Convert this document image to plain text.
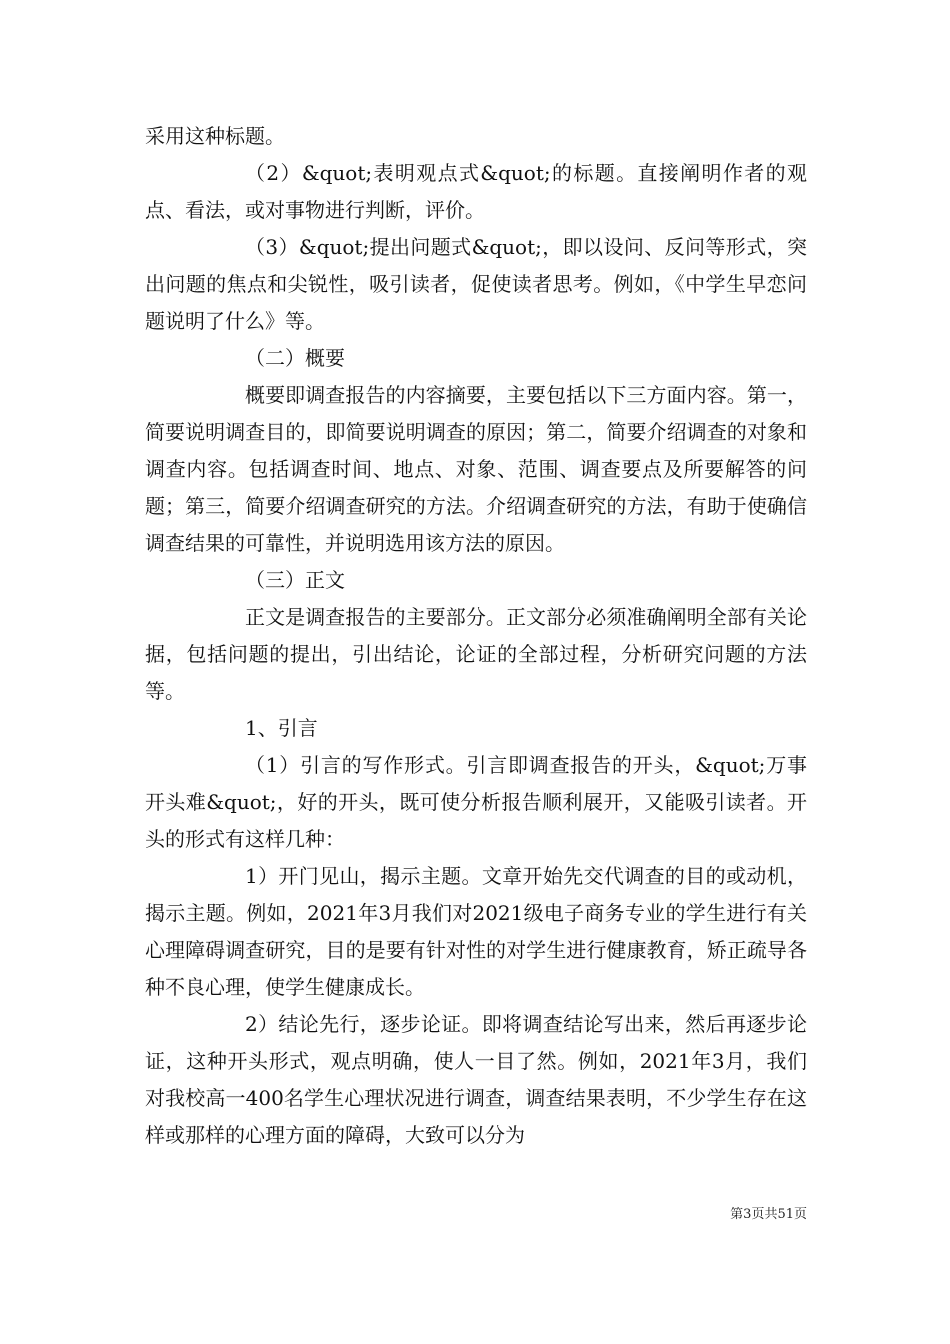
采用这种标题。

（2）&quot;表明观点式&quot;的标题。直接阐明作者的观点、看法，或对事物进行判断，评价。

（3）&quot;提出问题式&quot;，即以设问、反问等形式，突出问题的焦点和尖锐性，吸引读者，促使读者思考。例如，《中学生早恋问题说明了什么》等。

（二）概要

概要即调查报告的内容摘要，主要包括以下三方面内容。第一，简要说明调查目的，即简要说明调查的原因；第二，简要介绍调查的对象和调查内容。包括调查时间、地点、对象、范围、调查要点及所要解答的问题；第三，简要介绍调查研究的方法。介绍调查研究的方法，有助于使确信调查结果的可靠性，并说明选用该方法的原因。

（三）正文

正文是调查报告的主要部分。正文部分必须准确阐明全部有关论据，包括问题的提出，引出结论，论证的全部过程，分析研究问题的方法等。

1、引言

（1）引言的写作形式。引言即调查报告的开头，&quot;万事开头难&quot;，好的开头，既可使分析报告顺利展开，又能吸引读者。开头的形式有这样几种：

1）开门见山，揭示主题。文章开始先交代调查的目的或动机，揭示主题。例如，2021年3月我们对2021级电子商务专业的学生进行有关心理障碍调查研究，目的是要有针对性的对学生进行健康教育，矫正疏导各种不良心理，使学生健康成长。

2）结论先行，逐步论证。即将调查结论写出来，然后再逐步论证，这种开头形式，观点明确，使人一目了然。例如，2021年3月，我们对我校高一400名学生心理状况进行调查，调查结果表明，不少学生存在这样或那样的心理方面的障碍，大致可以分为

第3页共51页
